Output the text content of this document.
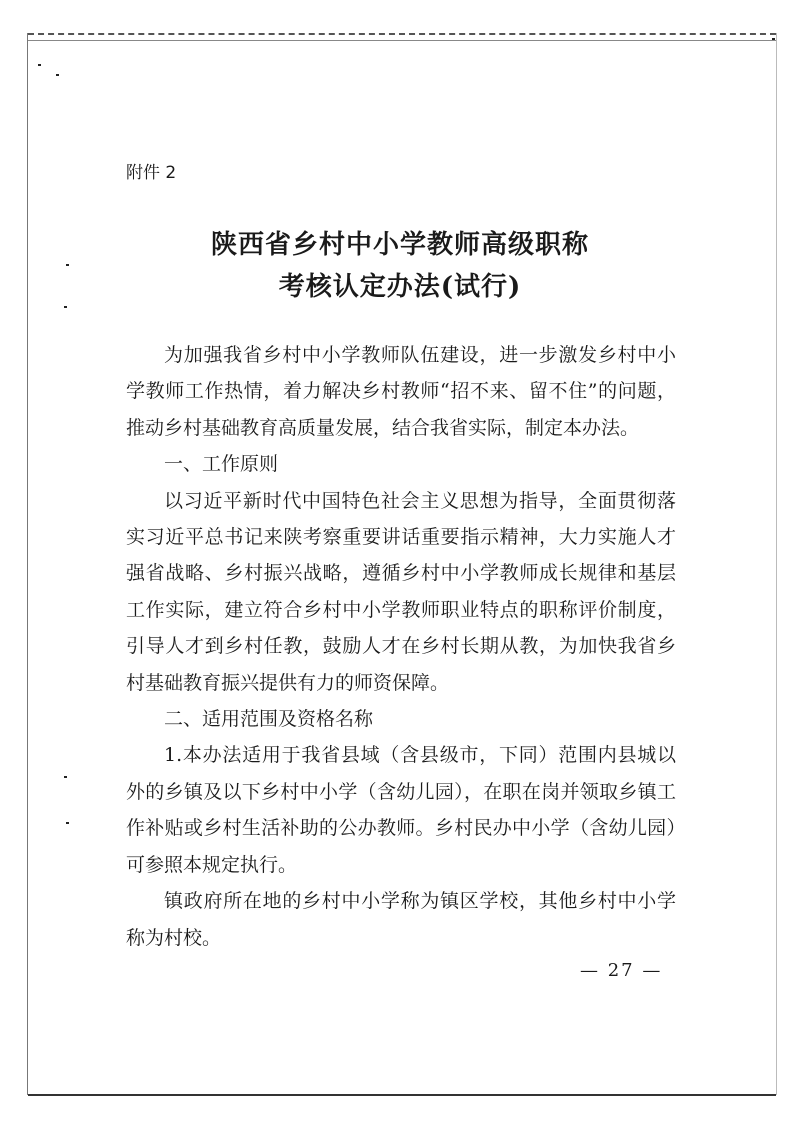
附件 2
陕西省乡村中小学教师高级职称
考核认定办法(试行)

为加强我省乡村中小学教师队伍建设，进一步激发乡村中小学教师工作热情，着力解决乡村教师“招不来、留不住”的问题，推动乡村基础教育高质量发展，结合我省实际，制定本办法。

一、工作原则

以习近平新时代中国特色社会主义思想为指导，全面贯彻落实习近平总书记来陕考察重要讲话重要指示精神，大力实施人才强省战略、乡村振兴战略，遵循乡村中小学教师成长规律和基层工作实际，建立符合乡村中小学教师职业特点的职称评价制度，引导人才到乡村任教，鼓励人才在乡村长期从教，为加快我省乡村基础教育振兴提供有力的师资保障。

二、适用范围及资格名称

1.本办法适用于我省县域（含县级市，下同）范围内县城以外的乡镇及以下乡村中小学（含幼儿园），在职在岗并领取乡镇工作补贴或乡村生活补助的公办教师。乡村民办中小学（含幼儿园）可参照本规定执行。

镇政府所在地的乡村中小学称为镇区学校，其他乡村中小学称为村校。

— 27 —
